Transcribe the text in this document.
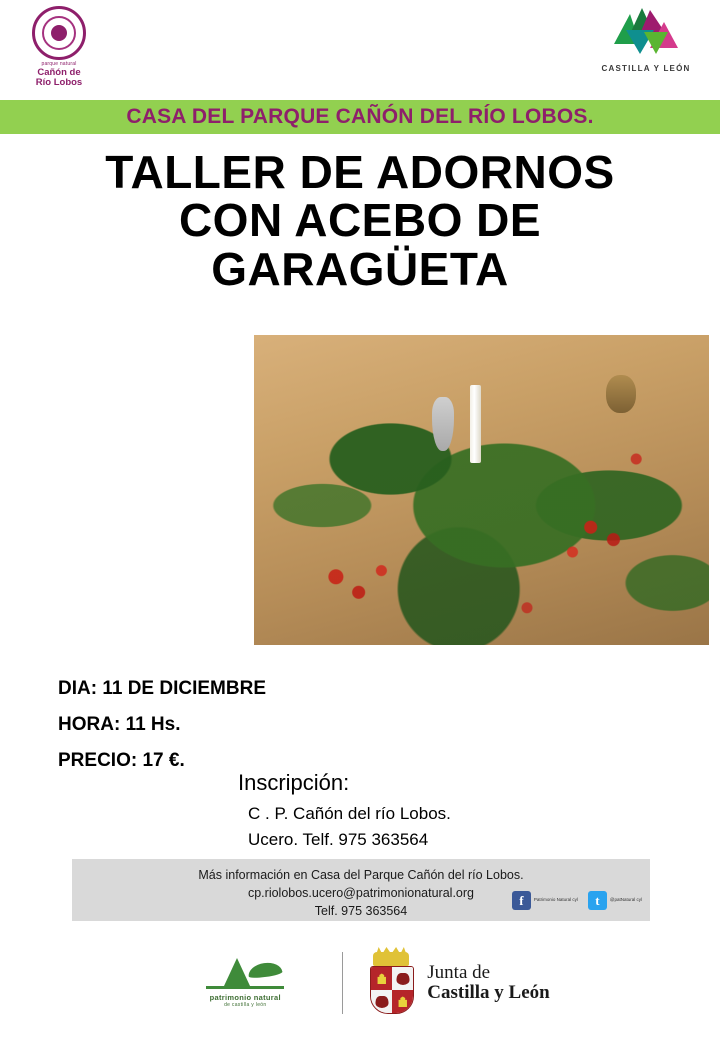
parque natural
Cañón de
Río Lobos
CASTILLA Y LEÓN
CASA DEL PARQUE CAÑÓN DEL RÍO LOBOS.
TALLER DE ADORNOS
CON ACEBO DE
GARAGÜETA
DIA: 11 DE DICIEMBRE
HORA: 11 Hs.
PRECIO: 17 €.
Inscripción:
C . P. Cañón del río Lobos.
Ucero. Telf. 975 363564
Más información en Casa del Parque Cañón del río Lobos.
cp.riolobos.ucero@patrimonionatural.org
Telf. 975 363564
f	Patrimonio Natural cyl	t	@patNatural cyl
patrimonio natural
de castilla y león
Junta de
Castilla y León
